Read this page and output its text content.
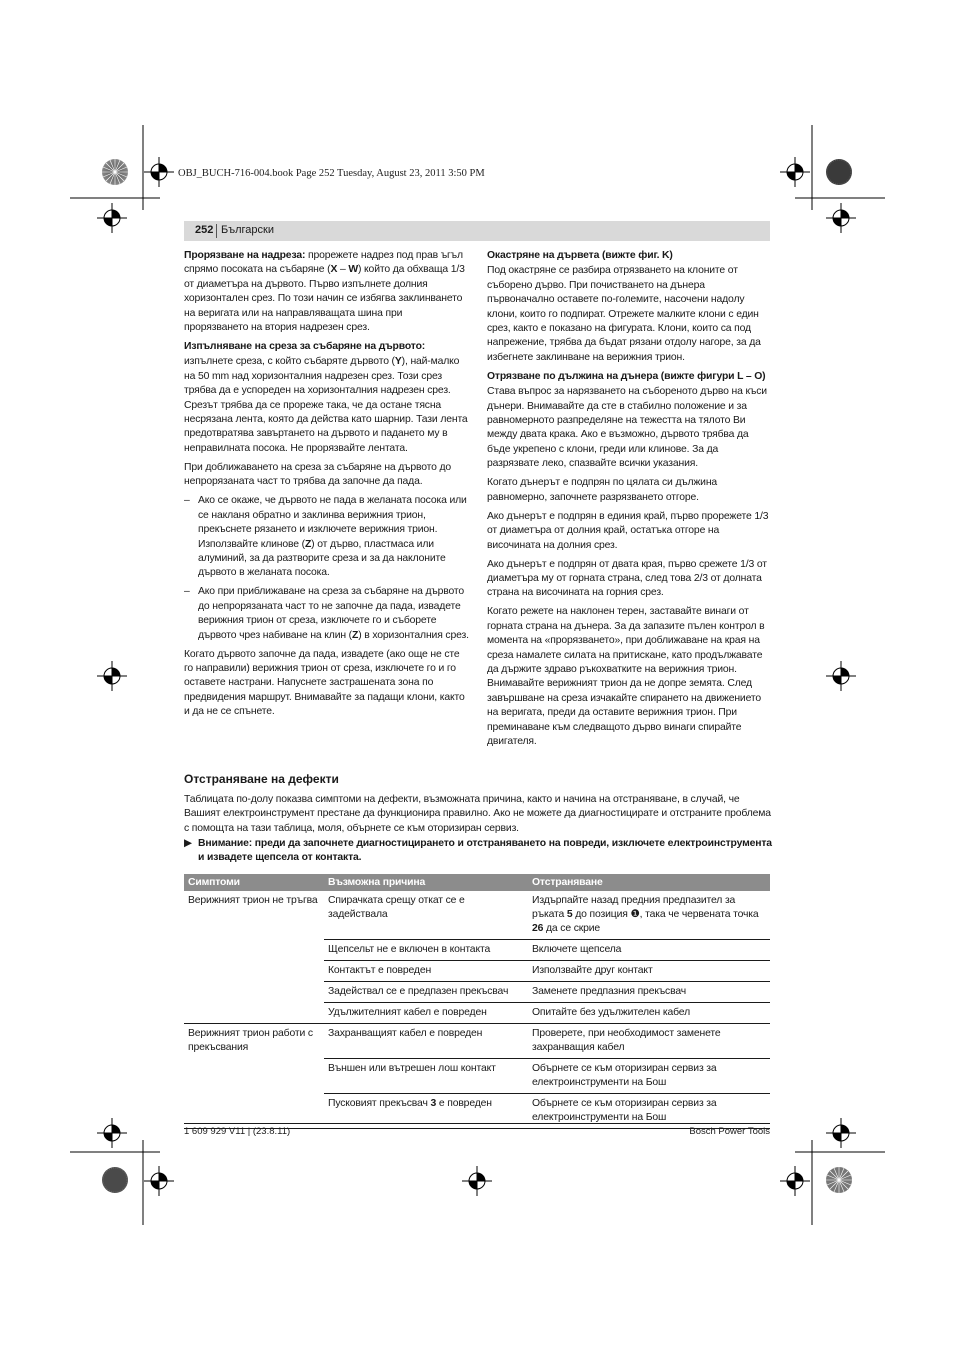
OBJ_BUCH-716-004.book Page 252 Tuesday, August 23, 2011 3:50 PM
252 Български

Прорязване на надреза: прорежете надрез под прав ъгъл спрямо посоката на събаряне (X – W) който да обхваща 1/3 от диаметъра на дървото. Първо изпълнете долния хоризонтален срез. По този начин се избягва заклинването на веригата или на направляващата шина при прорязването на втория надрезен срез.

Изпълняване на среза за събаряне на дървото:

изпълнете среза, с който събаряте дървото (Y), най-малко на 50 mm над хоризонталния надрезен срез. Този срез трябва да е успореден на хоризонталния надрезен срез. Срезът трябва да се прореже така, че да остане тясна несрязана лента, която да действа като шарнир. Тази лента предотвратява завъртането на дървото и падането му в неправилната посока. Не прорязвайте лентата.

При доближаването на среза за събаряне на дървото до непрорязаната част то трябва да започне да пада.

– Ако се окаже, че дървото не пада в желаната посока или се накланя обратно и заклинва верижния трион, прекъснете рязането и изключете верижния трион. Използвайте клинове (Z) от дърво, пластмаса или алуминий, за да разтворите среза и за да наклоните дървото в желаната посока.
– Ако при приближаване на среза за събаряне на дървото до непрорязаната част то не започне да пада, извадете верижния трион от среза, изключете го и съборете дървото чрез набиване на клин (Z) в хоризонталния срез.

Когато дървото започне да пада, извадете (ако още не сте го направили) верижния трион от среза, изключете го и го оставете настрани. Напуснете застрашената зона по предвидения маршрут. Внимавайте за падащи клони, както и да не се спънете.

Окастряне на дървета (вижте фиг. K)

Под окастряне се разбира отрязването на клоните от съборено дърво. При почистването на дънера първоначално оставете по-големите, насочени надолу клони, които го подпират. Отрежете малките клони с един срез, както е показано на фигурата. Клони, които са под напрежение, трябва да бъдат рязани отдолу нагоре, за да избегнете заклинване на верижния трион.

Отрязване по дължина на дънера (вижте фигури L – O)

Става въпрос за нарязването на събореното дърво на къси дънери. Внимавайте да сте в стабилно положение и за равномерното разпределяне на тежестта на тялото Ви между двата крака. Ако е възможно, дървото трябва да бъде укрепено с клони, греди или клинове. За да разрязвате леко, спазвайте всички указания.

Когато дънерът е подпрян по цялата си дължина равномерно, започнете разрязването отгоре.

Ако дънерът е подпрян в единия край, първо прорежете 1/3 от диаметъра от долния край, остатъка отгоре на височината на долния срез.

Ако дънерът е подпрян от двата края, първо срежете 1/3 от диаметъра му от горната страна, след това 2/3 от долната страна на височината на горния срез.

Когато режете на наклонен терен, заставайте винаги от горната страна на дънера. За да запазите пълен контрол в момента на «прорязването», при доближаване на края на среза намалете силата на притискане, като продължавате да държите здраво ръкохватките на верижния трион. Внимавайте верижният трион да не допре земята. След завършване на среза изчакайте спирането на движението на веригата, преди да оставите верижния трион. При преминаване към следващото дърво винаги спирайте двигателя.

Отстраняване на дефекти
Таблицата по-долу показва симптоми на дефекти, възможната причина, както и начина на отстраняване, в случай, че Вашият електроинструмент престане да функционира правилно. Ако не можете да диагностицирате и отстраните проблема с помощта на тази таблица, моля, обърнете се към оторизиран сервиз.
▶ Внимание: преди да започнете диагностицирането и отстраняването на повреди, изключете електроинструмента и извадете щепсела от контакта.
Симптоми	Възможна причина	Отстраняване
Верижният трион не тръгва	Спирачката срещу откат се е задействала	Издърпайте назад предния предпазител за ръката 5 до позиция ❶, така че червената точка 26 да се скрие
	Щепсельт не е включен в контакта	Включете щепсела
	Контактът е повреден	Използвайте друг контакт
	Задействал се е предпазен прекъсвач	Заменете предпазния прекъсвач
	Удължителният кабел е повреден	Опитайте без удължителен кабел
Верижният трион работи с прекъсвания	Захранващият кабел е повреден	Проверете, при необходимост заменете захранващия кабел
	Външен или вътрешен лош контакт	Обърнете се към оторизиран сервиз за електроинструменти на Бош
	Пусковият прекъсвач 3 е повреден	Обърнете се към оторизиран сервиз за електроинструменти на Бош
1 609 929 V11 | (23.8.11)	Bosch Power Tools
